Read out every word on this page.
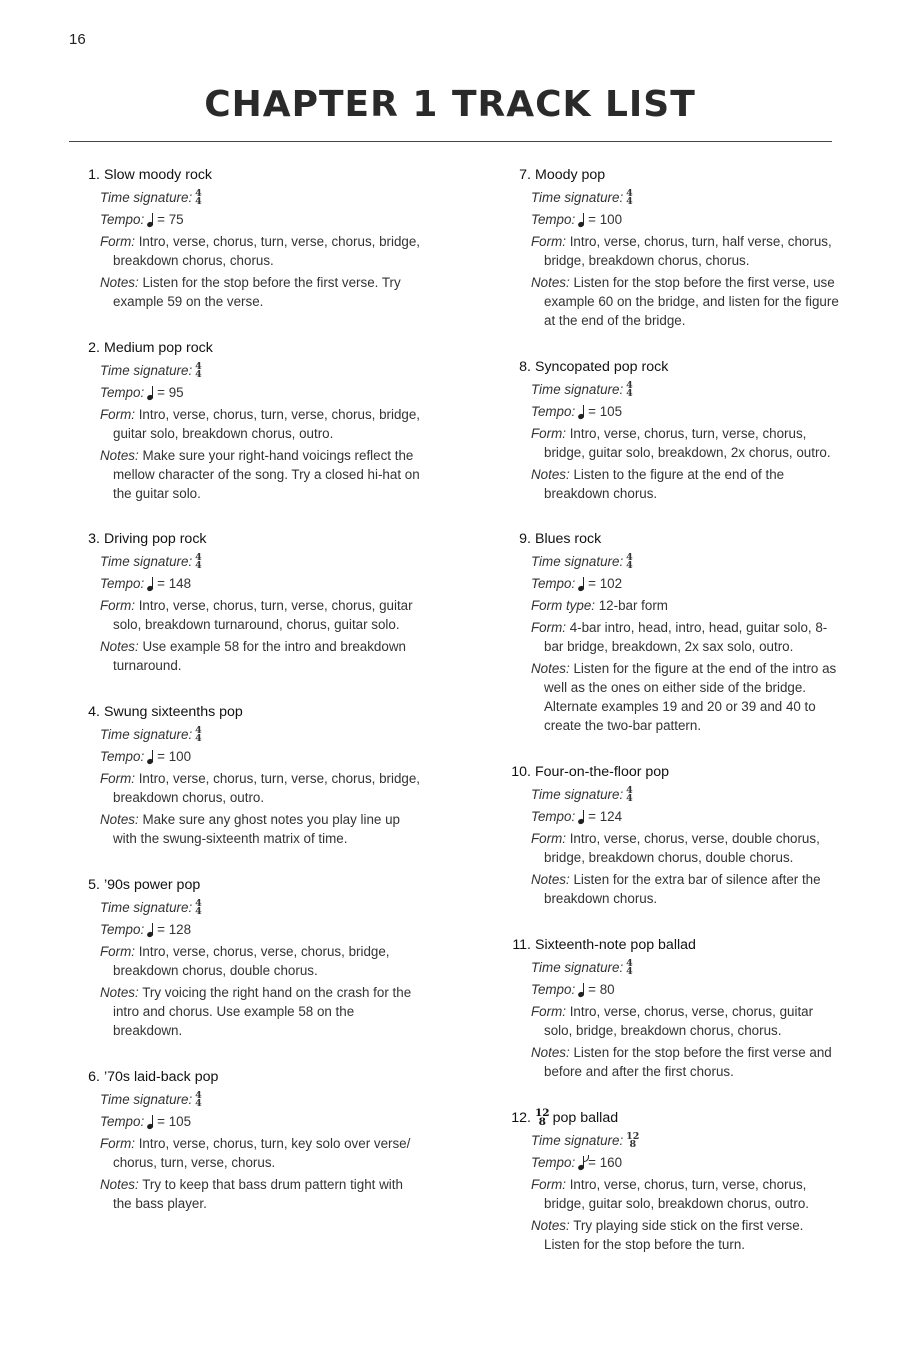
16
CHAPTER 1 TRACK LIST
1. Slow moody rock
Time signature: 4
4
Tempo: = 75
Form: Intro, verse, chorus, turn, verse, chorus, bridge, breakdown chorus, chorus.
Notes: Listen for the stop before the first verse. Try example 59 on the verse.
2. Medium pop rock
Time signature: 4
4
Tempo: = 95
Form: Intro, verse, chorus, turn, verse, chorus, bridge, guitar solo, breakdown chorus, outro.
Notes: Make sure your right-hand voicings reflect the mellow character of the song. Try a closed hi-hat on the guitar solo.
3. Driving pop rock
Time signature: 4
4
Tempo: = 148
Form: Intro, verse, chorus, turn, verse, chorus, guitar solo, breakdown turnaround, chorus, guitar solo.
Notes: Use example 58 for the intro and breakdown turnaround.
4. Swung sixteenths pop
Time signature: 4
4
Tempo: = 100
Form: Intro, verse, chorus, turn, verse, chorus, bridge, breakdown chorus, outro.
Notes: Make sure any ghost notes you play line up with the swung-sixteenth matrix of time.
5. ’90s power pop
Time signature: 4
4
Tempo: = 128
Form: Intro, verse, chorus, verse, chorus, bridge, breakdown chorus, double chorus.
Notes: Try voicing the right hand on the crash for the intro and chorus. Use example 58 on the breakdown.
6. ’70s laid-back pop
Time signature: 4
4
Tempo: = 105
Form: Intro, verse, chorus, turn, key solo over verse/ chorus, turn, verse, chorus.
Notes: Try to keep that bass drum pattern tight with the bass player.
7. Moody pop
Time signature: 4
4
Tempo: = 100
Form: Intro, verse, chorus, turn, half verse, chorus, bridge, breakdown chorus, chorus.
Notes: Listen for the stop before the first verse, use example 60 on the bridge, and listen for the figure at the end of the bridge.
8. Syncopated pop rock
Time signature: 4
4
Tempo: = 105
Form: Intro, verse, chorus, turn, verse, chorus, bridge, guitar solo, breakdown, 2x chorus, outro.
Notes: Listen to the figure at the end of the breakdown chorus.
9. Blues rock
Time signature: 4
4
Tempo: = 102
Form type: 12-bar form
Form: 4-bar intro, head, intro, head, guitar solo, 8-bar bridge, breakdown, 2x sax solo, outro.
Notes: Listen for the figure at the end of the intro as well as the ones on either side of the bridge. Alternate examples 19 and 20 or 39 and 40 to create the two-bar pattern.
10. Four-on-the-floor pop
Time signature: 4
4
Tempo: = 124
Form: Intro, verse, chorus, verse, double chorus, bridge, breakdown chorus, double chorus.
Notes: Listen for the extra bar of silence after the breakdown chorus.
11. Sixteenth-note pop ballad
Time signature: 4
4
Tempo: = 80
Form: Intro, verse, chorus, verse, chorus, guitar solo, bridge, breakdown chorus, chorus.
Notes: Listen for the stop before the first verse and before and after the first chorus.
12. 12
8 pop ballad
Time signature: 12
8
Tempo: = 160
Form: Intro, verse, chorus, turn, verse, chorus, bridge, guitar solo, breakdown chorus, outro.
Notes: Try playing side stick on the first verse. Listen for the stop before the turn.
